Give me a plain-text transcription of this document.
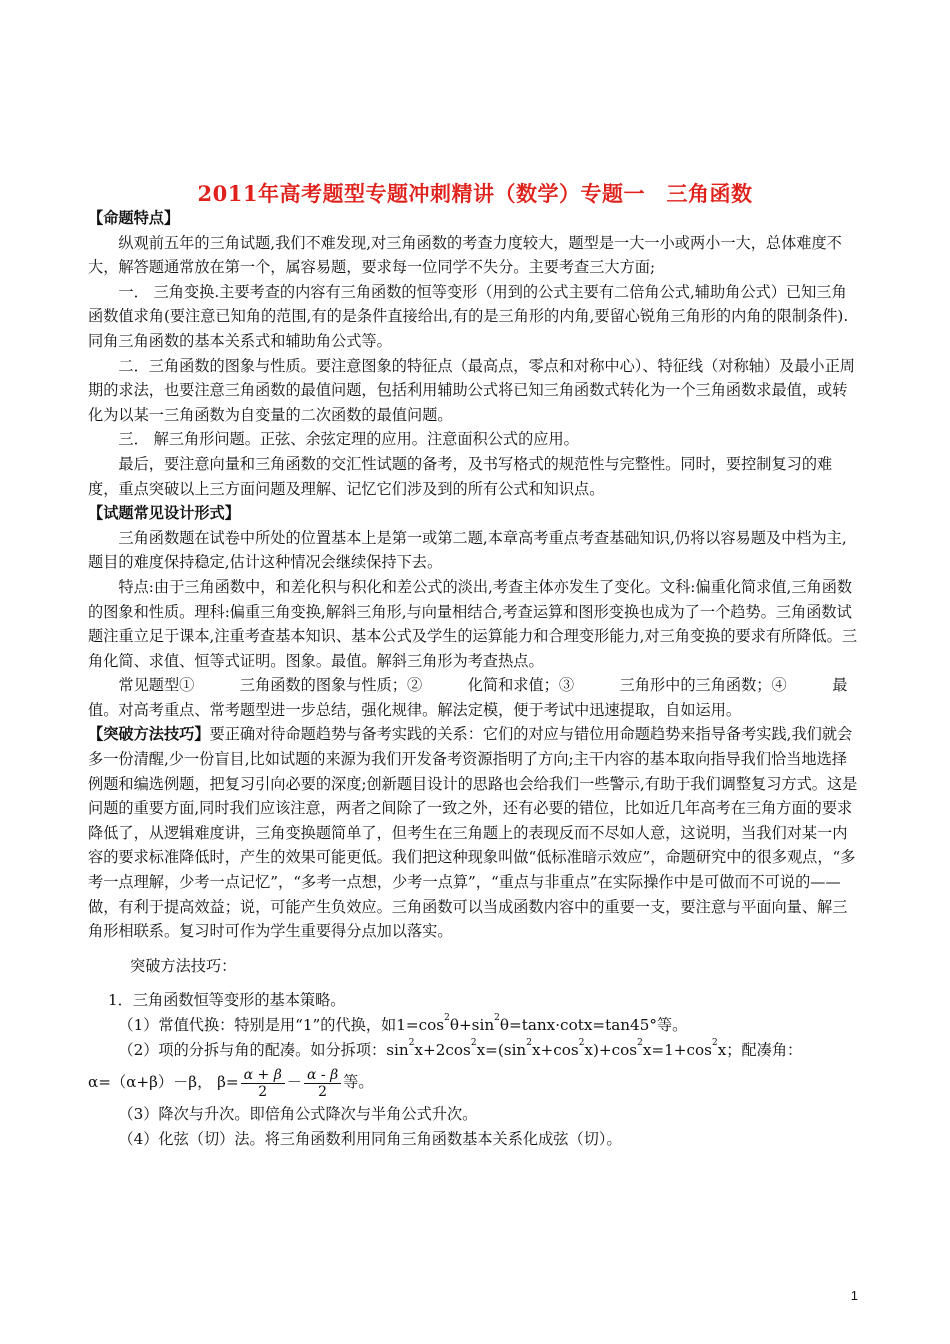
2011年高考题型专题冲刺精讲（数学）专题一　三角函数

【命题特点】

纵观前五年的三角试题,我们不难发现,对三角函数的考查力度较大，题型是一大一小或两小一大，总体难度不大，解答题通常放在第一个，属容易题，要求每一位同学不失分。主要考查三大方面;

一． 三角变换.主要考查的内容有三角函数的恒等变形（用到的公式主要有二倍角公式,辅助角公式）已知三角函数值求角(要注意已知角的范围,有的是条件直接给出,有的是三角形的内角,要留心锐角三角形的内角的限制条件).同角三角函数的基本关系式和辅助角公式等。

二．三角函数的图象与性质。要注意图象的特征点（最高点，零点和对称中心）、特征线（对称轴）及最小正周期的求法，也要注意三角函数的最值问题，包括利用辅助公式将已知三角函数式转化为一个三角函数求最值，或转化为以某一三角函数为自变量的二次函数的最值问题。

三． 解三角形问题。正弦、余弦定理的应用。注意面积公式的应用。

最后，要注意向量和三角函数的交汇性试题的备考，及书写格式的规范性与完整性。同时，要控制复习的难度，重点突破以上三方面问题及理解、记忆它们涉及到的所有公式和知识点。

【试题常见设计形式】

三角函数题在试卷中所处的位置基本上是第一或第二题,本章高考重点考查基础知识,仍将以容易题及中档为主,题目的难度保持稳定,估计这种情况会继续保持下去。

特点:由于三角函数中，和差化积与积化和差公式的淡出,考查主体亦发生了变化。文科:偏重化简求值,三角函数的图象和性质。理科:偏重三角变换,解斜三角形,与向量相结合,考查运算和图形变换也成为了一个趋势。三角函数试题注重立足于课本,注重考查基本知识、基本公式及学生的运算能力和合理变形能力,对三角变换的要求有所降低。三角化简、求值、恒等式证明。图象。最值。解斜三角形为考查热点。

常见题型①　　　三角函数的图象与性质；②　　　化简和求值；③　　　三角形中的三角函数；④　　　最值。对高考重点、常考题型进一步总结，强化规律。解法定模，便于考试中迅速提取，自如运用。

【突破方法技巧】要正确对待命题趋势与备考实践的关系：它们的对应与错位用命题趋势来指导备考实践,我们就会多一份清醒,少一份盲目,比如试题的来源为我们开发备考资源指明了方向;主干内容的基本取向指导我们恰当地选择 例题和编选例题，把复习引向必要的深度;创新题目设计的思路也会给我们一些警示,有助于我们调整复习方式。这是问题的重要方面,同时我们应该注意，两者之间除了一致之外，还有必要的错位，比如近几年高考在三角方面的要求降低了，从逻辑难度讲，三角变换题简单了，但考生在三角题上的表现反而不尽如人意，这说明，当我们对某一内容的要求标准降低时，产生的效果可能更低。我们把这种现象叫做“低标准暗示效应”，命题研究中的很多观点，“多考一点理解，少考一点记忆”，“多考一点想，少考一点算”，“重点与非重点”在实际操作中是可做而不可说的——做，有利于提高效益；说，可能产生负效应。三角函数可以当成函数内容中的重要一支，要注意与平面向量、解三角形相联系。复习时可作为学生重要得分点加以落实。

突破方法技巧：

1．三角函数恒等变形的基本策略。

（1）常值代换：特别是用“1”的代换，如$1=\cos^2\theta+\sin^2\theta=\tan x\cdot\cot x=\tan 45^\circ$等。

（2）项的分拆与角的配凑。如分拆项：$\sin^2x+2\cos^2x=(\sin^2x+\cos^2x)+\cos^2x=1+\cos^2x$；配凑角：

α=（α+β）－β， $\beta= \frac{\alpha + \beta}{2} - \frac{\alpha - \beta}{2}$ 等。

（3）降次与升次。即倍角公式降次与半角公式升次。

（4）化弦（切）法。将三角函数利用同角三角函数基本关系化成弦（切）。

1
